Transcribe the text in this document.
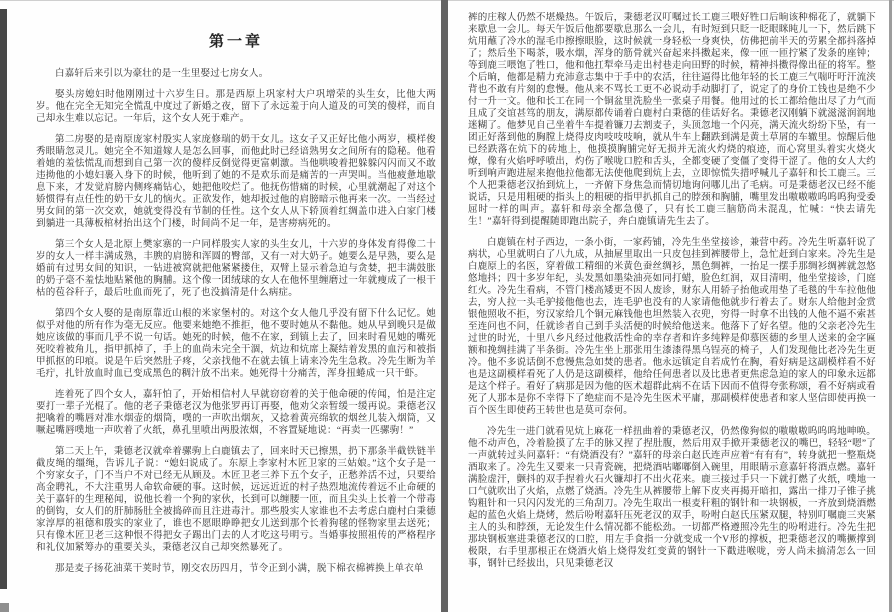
第一章

白嘉轩后来引以为豪壮的是一生里娶过七房女人。

娶头房媳妇时他刚刚过十六岁生日。那是西原上巩家村大户巩增荣的头生女，比他大两岁。他在完全无知完全慌乱中度过了新婚之夜，留下了永远羞于向人道及的可笑的傻样，而自己却永生难以忘记。一年后，这个女人死于难产。

第二房娶的是南原庞家村殷实人家庞修瑞的奶干女儿。这女子又正好比他小两岁，模样俊秀眼睛忽灵儿。她完全不知道嫁人是怎么回事，而他此时已经谙熟男女之间所有的隐秘。他看着她的羞怯慌乱而想到自己第一次的傻样反倒觉得更富刺激。当他哄唆着把躲躲闪闪而又不敢违拗他的小媳妇裹入身下的时候，他听到了她的不是欢乐而是痛苦的一声哭叫。当他疲惫地歇息下来，才发觉肩膀内侧疼痛钻心，她把他咬烂了。他抚伤惜痛的时候，心里就潮起了对这个娇惯得有点任性的奶干女儿的恼火。正欲发作，她却扳过他的肩膀暗示他再来一次。一当经过男女间的第一次交欢，她就变得没有节制的任性。这个女人从下轿顶着红绸盖巾进入白家门楼到躺进一具薄板棺材抬出这个门楼，时间尚不足一年，是害痨病死的。

第三个女人是北原上樊家寨的一户同样殷实人家的头生女儿，十六岁的身体发育得像二十岁的女人一样丰满成熟，丰腴的肩膀和浑圆的臀部，又有一对大奶子。她要么是早熟，要么是婚前有过男女间的知识，一钻进被窝就把他紧紧搂住，双臂上显示着急迫与贪婪，把丰满鼓胀的奶子毫不羞怯地贴紧他的胸脯。这个像一团绒球的女人在他怀里缠磨过一年就瘦成了一根干枯的苞谷秆子，最后吐血而死了，死了也没搞清是什么病症。

第四个女人娶的是南原靠近山根的米家堡村的。对这个女人他几乎没有留下什么记忆。她似乎对他的所有作为毫无反应。他要来她绝不推拒，他不要时她从不黏他。她从早到晚只是做她应该做的事而几乎不说一句话。她死的时候，他不在家，到镇上去了，回来时看见她的嘴死死咬着被角儿，指甲抓掉了，手上的血尚未完全干涸，炕边和炕席上凝结着发黑的血污和被指甲抓抠的印痕。说是午后突然肚子疼，父亲找他不在就去镇上请来冷先生急救。冷先生断为羊毛疔，扎针放血时血已变成黑色的稠汁放不出来。她死得十分痛苦，浑身扭蜷成一只干虾。

连着死了四个女人，嘉轩怕了，开始相信村人早就窃窃着的关于他命硬的传闻，怕是注定要打一辈子光棍了。他的老子秉德老汉为他张罗再订再娶，他劝父亲暂缓一缓再说。秉德老汉把噙着的嘴唇对准水烟壶的烟筒，噗的一声吹出烟灰，又捻着黄亮绵软的烟丝儿装入烟筒，又噘起嘴唇噗地一声吹着了火纸，鼻孔里喷出两股浓烟，不容置疑地说：“再卖一匹骡驹！”

第二天上午，秉德老汉就牵着骡驹上白鹿镇去了，回来时天已擦黑，扔下那条半截铁链半截皮绳的缰绳，告诉儿子说：“媳妇说成了。东原上李家村木匠卫家的三姑娘。”这个女子是一个穷家女子，门不当户不对已经无从顾及。木匠卫老三养下五个女子，正愁养活不过，只要给高金聘礼，不大注重男人命软命硬的事。这时候，远远近近的村子热烈地流传着远不止命硬的关于嘉轩的生理秘闻，说他长着一个狗的家伙，长到可以缠腰一匝，而且尖头上长着一个带毒的倒钩，女人们的肝肺肠肚全被捣碎而且注进毒汁。那些殷实人家谁也不去考虑白鹿村白秉德家淳厚的祖德和殷实的家业了，谁也不愿眼睁睁把女儿送到那个长着狗毬的怪物家里去送死；只有像木匠卫老三这种恨不得把女子踢出门去的人才吃这号明亏。当婚事按照祖传的严格程序和礼仪加紧筹办的重要关头，秉德老汉自己却突然暴死了。

那是麦子扬花油菜干荚时节，刚交农历四月，节令正到小满，脱下棉衣棉裤换上单衣单

裤的庄稼人仍然不堪燥热。午饭后，秉德老汉叮嘱过长工鹿三喂好牲口后晌该种棉花了，就躺下来歇息一会儿。每天午饭后他都要歇息那么一会儿，有时短到只眨一眨眼眯盹儿一下，然后跳下炕用蘸了冷水的湿毛巾擦擦眼脸，这时候就一身轻松一身爽快，仿佛把前半天的劳累全都抖落掉了；然后坐下喝茶，吸水烟，浑身的筋骨就兴奋起来抖擞起来，像一匝一匝拧紧了发条的座钟；等到鹿三喂饱了牲口，他和他扛犁牵马走出村巷走向田野的时候，精神抖擞得像出征的将军。整个后晌，他都是精力充沛意志集中于手中的农活，往往逼得比他年轻的长工鹿三气喘吁吁汗流浃背也不敢有片刻的怠慢。他从来不骂长工更不必说动手动脚打了，说定了的身价工钱也是绝不少付一升一文。他和长工在同一个铜盆里洗脸坐一张桌子用餐。他用过的长工都给他出尽了力气而且成了交谊甚笃的朋友，满原都传诵着白鹿村白秉德的佳话好名。秉德老汉刚躺下就滋滋润润地迷糊了。他梦见自己坐着牛车提着镰刀去割麦子，头顶忽地一个闪亮，满天流火纷纷下坠，有一团正好落到他的胸膛上烧得皮肉吱吱吱响，就从牛车上翻跌到满是黄土草屑的车辙里。惊醒后他已经跌落在炕下的砖地上，他摸摸胸脯完好无损并无流火灼烧的痕迹，而心窝里头着实火烧火燎，像有火焰呼呼喷出，灼伤了喉咙口腔和舌头，全都变硬了变僵了变得干涩了。他的女人大约听到响声跑进屋来抱他拉他都无法使他爬到炕上去，立即惊慌失措呼喊儿子嘉轩和长工鹿三。三个人把秉德老汉抬到炕上，一齐俯下身焦急而情切地询问哪儿出了毛病。可是秉德老汉已经不能说话，只是用粗硬的指头上的粗硬的指甲扒抓自己的脖颈和胸脯，嘴里发出嗷嗷嗷呜呜呜狗受委屈时一样的叫声。嘉轩和母亲全都急傻了，只有长工鹿三脑筋尚未混乱，忙喊：“快去请先生！”嘉轩得到提醒随即跑出院子，奔白鹿镇请先生去了。

白鹿镇在村子西边，一条小街，一家药铺，冷先生坐堂接诊，兼营中药。冷先生听嘉轩说了病状，心里就明白了八九成，从抽屉里取出一只皮包挂到裤腰带上，急忙赶到白家来。冷先生是白鹿原上的名医，穿着做工精细的米黄色蚕丝绸衫，黑色绸裤，一抬足一摆手那绸衫绸裤就忽悠悠地抖；四十多岁年纪，头发黑如墨染油亮如同打蜡，脸色红润，双目清明，他坐堂接诊，门庭红火。冷先生看病，不管门楼高矮更不因人废诊，财东人用轿子抬他或用垫了毛毯的牛车拉他他去，穷人拉一头毛驴接他他也去，连毛驴也没有的人家请他他就步行着去了。财东人给他封金赏银他照收不拒，穷汉家给几个铜元麻钱他也坦然装入衣兜，穷得一时拿不出钱的人他不逼不索甚至连问也不问，任就诊者自己到手头活便的时候给他送来。他落下了好名望。他的父亲老冷先生过世的时光，十里八乡凡经过他救活性命的幸存者和许多纯粹是仰慕医德的乡里人送来的金字匾额和挽绸挂满了半条街。冷先生坐上那张用生漆漆得黑乌锃亮的椅子，人们发现他比老冷先生更冷。他不多说话倒不怠慢焦急如焚的患者。他永远镇定自若成竹在胸，看好病是这副模样看不好也是这副模样看死了人仍是这副模样，他给任何患者以及比患者更焦虑急迫的家人的印象永远都是这个样子。看好了病那是因为他的医术超群此病不在话下因而不值得夸张称颂，看不好病或看死了人那本是你不幸得下了绝症而不是冷先生医术平庸，那副模样使患者和家人坚信即使再换一百个医生即使药王转世也是莫可奈何。

冷先生一进门就看见炕上麻花一样扭曲着的秉德老汉，仍然像狗似的嗷嗷嗷呜呜呜地呻唤。他不动声色，冷着脸摸了左手的脉又捏了捏肚腹，然后用双手掀开秉德老汉的嘴巴，轻轻“嗯”了一声就转过头问嘉轩：“有烧酒没有？”嘉轩的母亲白赵氏连声应着“有有有”，转身就把一整瓶烧酒取来了。冷先生又要来一只青瓷碗，把烧酒咕嘟嘟倒入碗里，用眼睛示意嘉轩将酒点燃。嘉轩满脸虚汗，颤抖的双手捏着火石火镰却打不出火花来。鹿三接过手只一下就打燃了火纸，噗地一口气就吹出了火焰，点燃了烧酒。冷先生从裤腰带上解下皮夹再揭开暗扣，露出一排刀子锥子挑钩粗针和一只闪闪发光的三角刮刀。冷先生取出一根麦秆粗的钢针和一块钢板，一齐放到烧酒燃起的蓝色火焰上烧烤，然后吩咐嘉轩压死老汉的双手，吩咐白赵氏压紧双腿，特别叮嘱鹿三夹紧主人的头和脖颈，无论发生什么情况都不能松劲。一切都严格遵照冷先生的吩咐进行。冷先生把那块钢板塞进秉德老汉的口腔，用左手食指一分就变成一个V形的撑板，把秉德老汉的嘴撅撑到极限，右手里那根正在烧酒火焰上烧得发红变黄的钢针一下戳进喉咙，旁人尚未搞清怎么一回事，钢针已经拔出，只见秉德老汉
